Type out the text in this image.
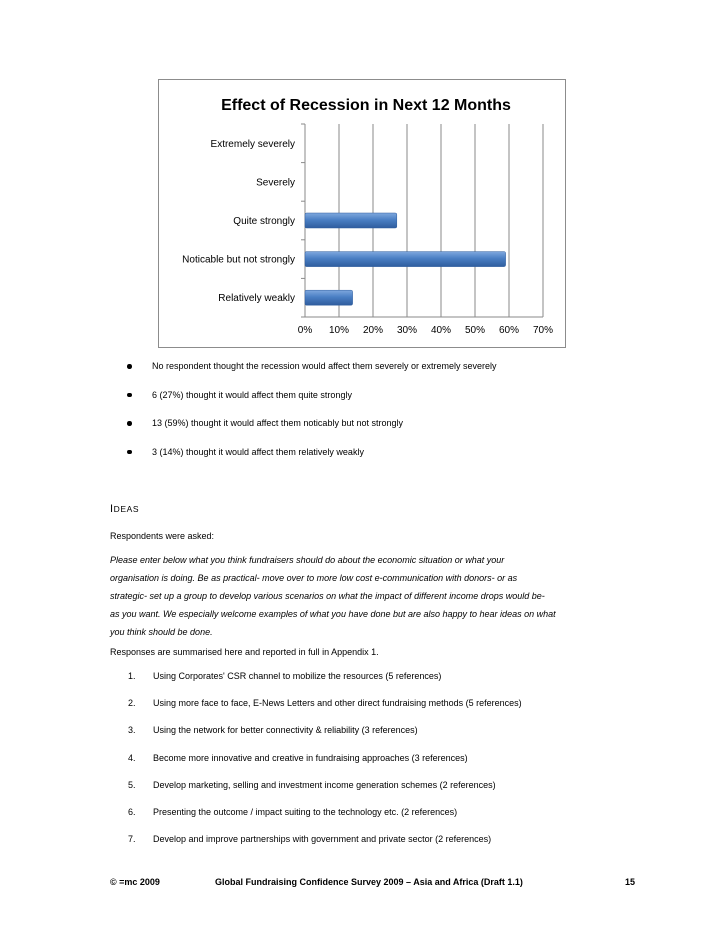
Effect of Recession in Next 12 Months
Extremely severely
Severely
Quite strongly
Noticable but not strongly
Relatively weakly
0% 10% 20% 30% 40% 50% 60% 70%
No respondent thought the recession would affect them severely or extremely severely
6 (27%) thought it would affect them quite strongly
13 (59%) thought it would affect them noticably but not strongly
3 (14%) thought it would affect them relatively weakly
IDEAS
Respondents were asked:
Please enter below what you think fundraisers should do about the economic situation or what your
organisation is doing. Be as practical- move over to more low cost e-communication with donors- or as
strategic- set up a group to develop various scenarios on what the impact of different income drops would be-
as you want. We especially welcome examples of what you have done but are also happy to hear ideas on what
you think should be done.
Responses are summarised here and reported in full in Appendix 1.
1. Using Corporates' CSR channel to mobilize the resources (5 references)
2. Using more face to face, E-News Letters and other direct fundraising methods (5 references)
3. Using the network for better connectivity & reliability (3 references)
4. Become more innovative and creative in fundraising approaches (3 references)
5. Develop marketing, selling and investment income generation schemes (2 references)
6. Presenting the outcome / impact suiting to the technology etc. (2 references)
7. Develop and improve partnerships with government and private sector (2 references)
© =mc 2009	Global Fundraising Confidence Survey 2009 – Asia and Africa (Draft 1.1)	15
